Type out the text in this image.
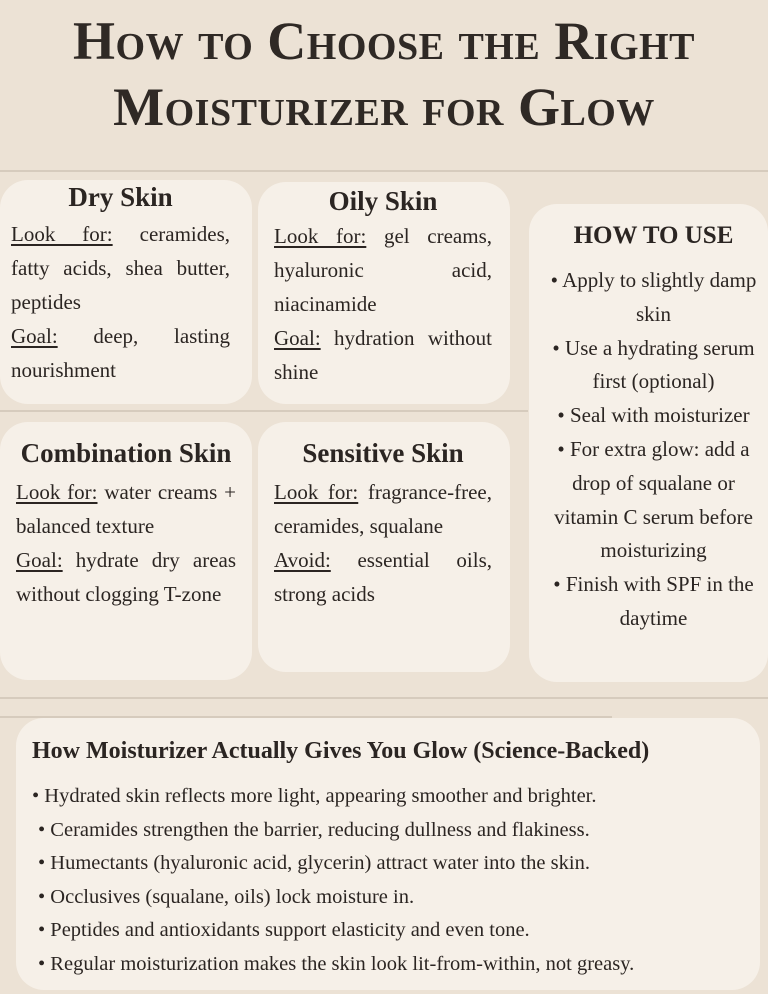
How to Choose the Right
Moisturizer for Glow
Dry Skin
Look for: ceramides, fatty acids, shea butter, peptides
Goal: deep, lasting nourishment
Oily Skin
Look for: gel creams, hyaluronic acid, niacinamide
Goal: hydration without shine
Combination Skin
Look for: water creams + balanced texture
Goal: hydrate dry areas without clogging T-zone
Sensitive Skin
Look for: fragrance-free, ceramides, squalane
Avoid: essential oils, strong acids
HOW TO USE
• Apply to slightly damp skin
• Use a hydrating serum first (optional)
• Seal with moisturizer
• For extra glow: add a drop of squalane or vitamin C serum before moisturizing
• Finish with SPF in the daytime
How Moisturizer Actually Gives You Glow (Science-Backed)
• Hydrated skin reflects more light, appearing smoother and brighter.
• Ceramides strengthen the barrier, reducing dullness and flakiness.
• Humectants (hyaluronic acid, glycerin) attract water into the skin.
• Occlusives (squalane, oils) lock moisture in.
• Peptides and antioxidants support elasticity and even tone.
• Regular moisturization makes the skin look lit-from-within, not greasy.
